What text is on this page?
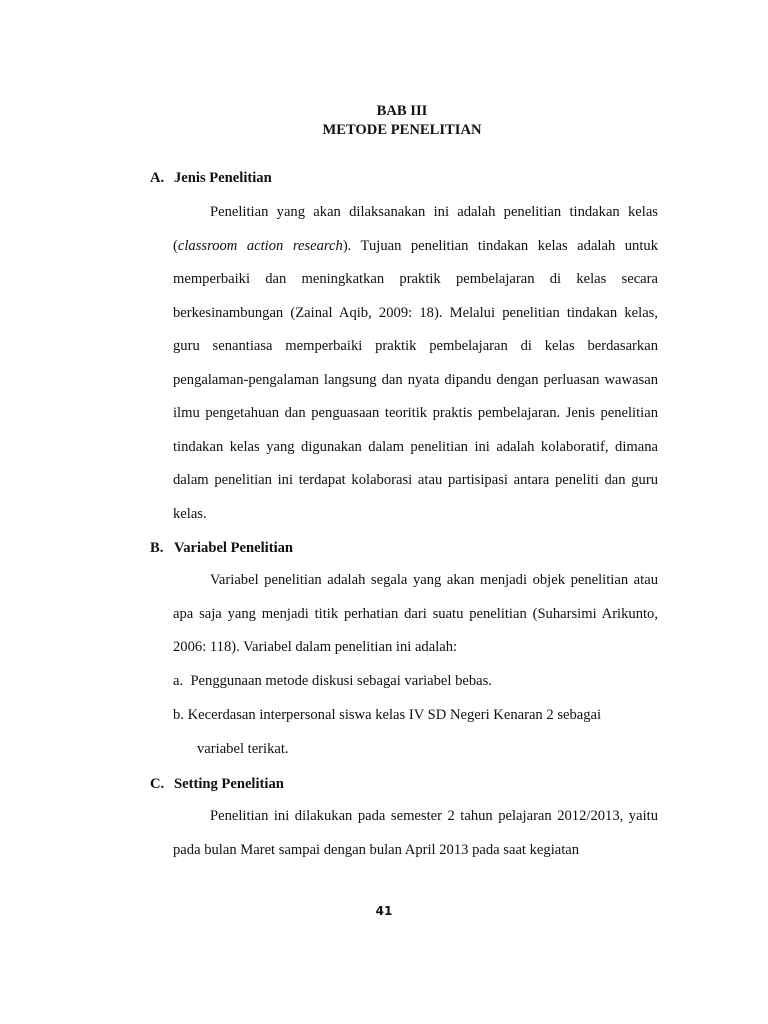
BAB III
METODE PENELITIAN
A. Jenis Penelitian

Penelitian yang akan dilaksanakan ini adalah penelitian tindakan kelas (classroom action research). Tujuan penelitian tindakan kelas adalah untuk memperbaiki dan meningkatkan praktik pembelajaran di kelas secara berkesinambungan (Zainal Aqib, 2009: 18). Melalui penelitian tindakan kelas, guru senantiasa memperbaiki praktik pembelajaran di kelas berdasarkan pengalaman-pengalaman langsung dan nyata dipandu dengan perluasan wawasan ilmu pengetahuan dan penguasaan teoritik praktis pembelajaran. Jenis penelitian tindakan kelas yang digunakan dalam penelitian ini adalah kolaboratif, dimana dalam penelitian ini terdapat kolaborasi atau partisipasi antara peneliti dan guru kelas.

B. Variabel Penelitian

Variabel penelitian adalah segala yang akan menjadi objek penelitian atau apa saja yang menjadi titik perhatian dari suatu penelitian (Suharsimi Arikunto, 2006: 118). Variabel dalam penelitian ini adalah:

a. Penggunaan metode diskusi sebagai variabel bebas.
b. Kecerdasan interpersonal siswa kelas IV SD Negeri Kenaran 2 sebagai
variabel terikat.
C. Setting Penelitian

Penelitian ini dilakukan pada semester 2 tahun pelajaran 2012/2013, yaitu pada bulan Maret sampai dengan bulan April 2013 pada saat kegiatan

41
